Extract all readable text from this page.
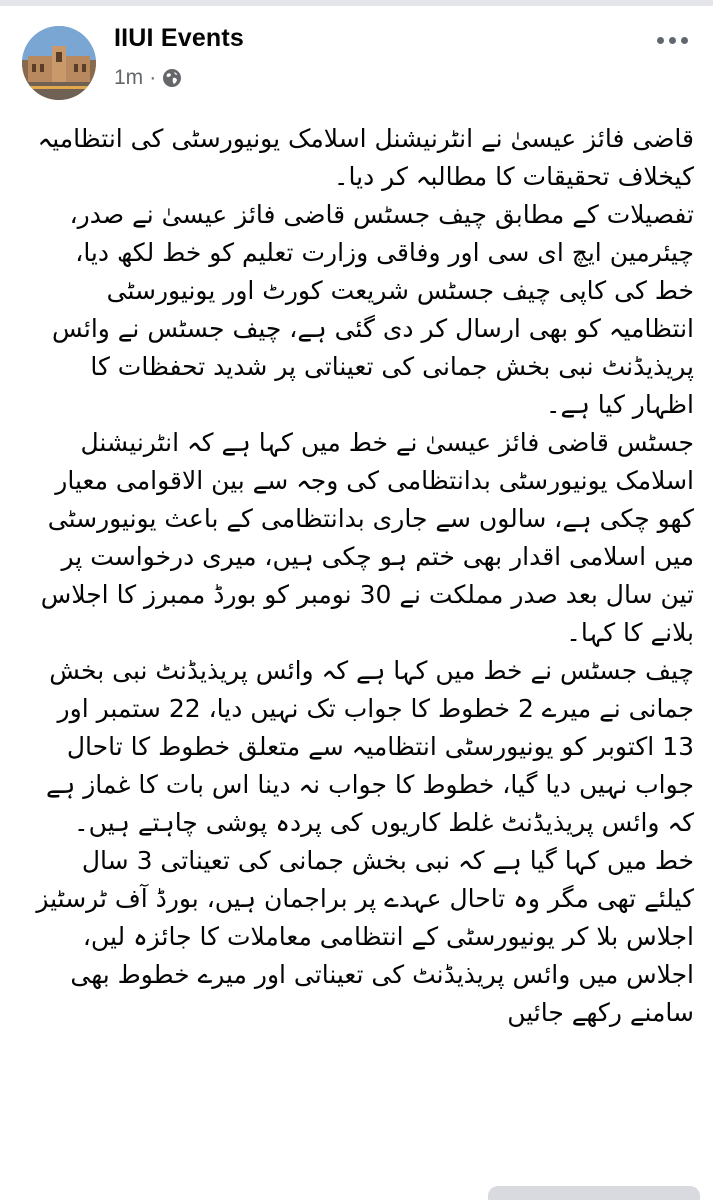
IIUI Events
1m ·

قاضی فائز عیسیٰ نے انٹرنیشنل اسلامک یونیورسٹی کی انتظامیہ کیخلاف تحقیقات کا مطالبہ کر دیا۔

تفصیلات کے مطابق چیف جسٹس قاضی فائز عیسیٰ نے صدر، چیئرمین ایچ ای سی اور وفاقی وزارت تعلیم کو خط لکھ دیا، خط کی کاپی چیف جسٹس شریعت کورٹ اور یونیورسٹی انتظامیہ کو بھی ارسال کر دی گئی ہے، چیف جسٹس نے وائس پریذیڈنٹ نبی بخش جمانی کی تعیناتی پر شدید تحفظات کا اظہار کیا ہے۔

جسٹس قاضی فائز عیسیٰ نے خط میں کہا ہے کہ انٹرنیشنل اسلامک یونیورسٹی بدانتظامی کی وجہ سے بین الاقوامی معیار کھو چکی ہے، سالوں سے جاری بدانتظامی کے باعث یونیورسٹی میں اسلامی اقدار بھی ختم ہو چکی ہیں، میری درخواست پر تین سال بعد صدر مملکت نے 30 نومبر کو بورڈ ممبرز کا اجلاس بلانے کا کہا۔

چیف جسٹس نے خط میں کہا ہے کہ وائس پریذیڈنٹ نبی بخش جمانی نے میرے 2 خطوط کا جواب تک نہیں دیا، 22 ستمبر اور 13 اکتوبر کو یونیورسٹی انتظامیہ سے متعلق خطوط کا تاحال جواب نہیں دیا گیا، خطوط کا جواب نہ دینا اس بات کا غماز ہے کہ وائس پریذیڈنٹ غلط کاریوں کی پردہ پوشی چاہتے ہیں۔

خط میں کہا گیا ہے کہ نبی بخش جمانی کی تعیناتی 3 سال کیلئے تھی مگر وہ تاحال عہدے پر براجمان ہیں، بورڈ آف ٹرسٹیز اجلاس بلا کر یونیورسٹی کے انتظامی معاملات کا جائزہ لیں، اجلاس میں وائس پریذیڈنٹ کی تعیناتی اور میرے خطوط بھی سامنے رکھے جائیں
